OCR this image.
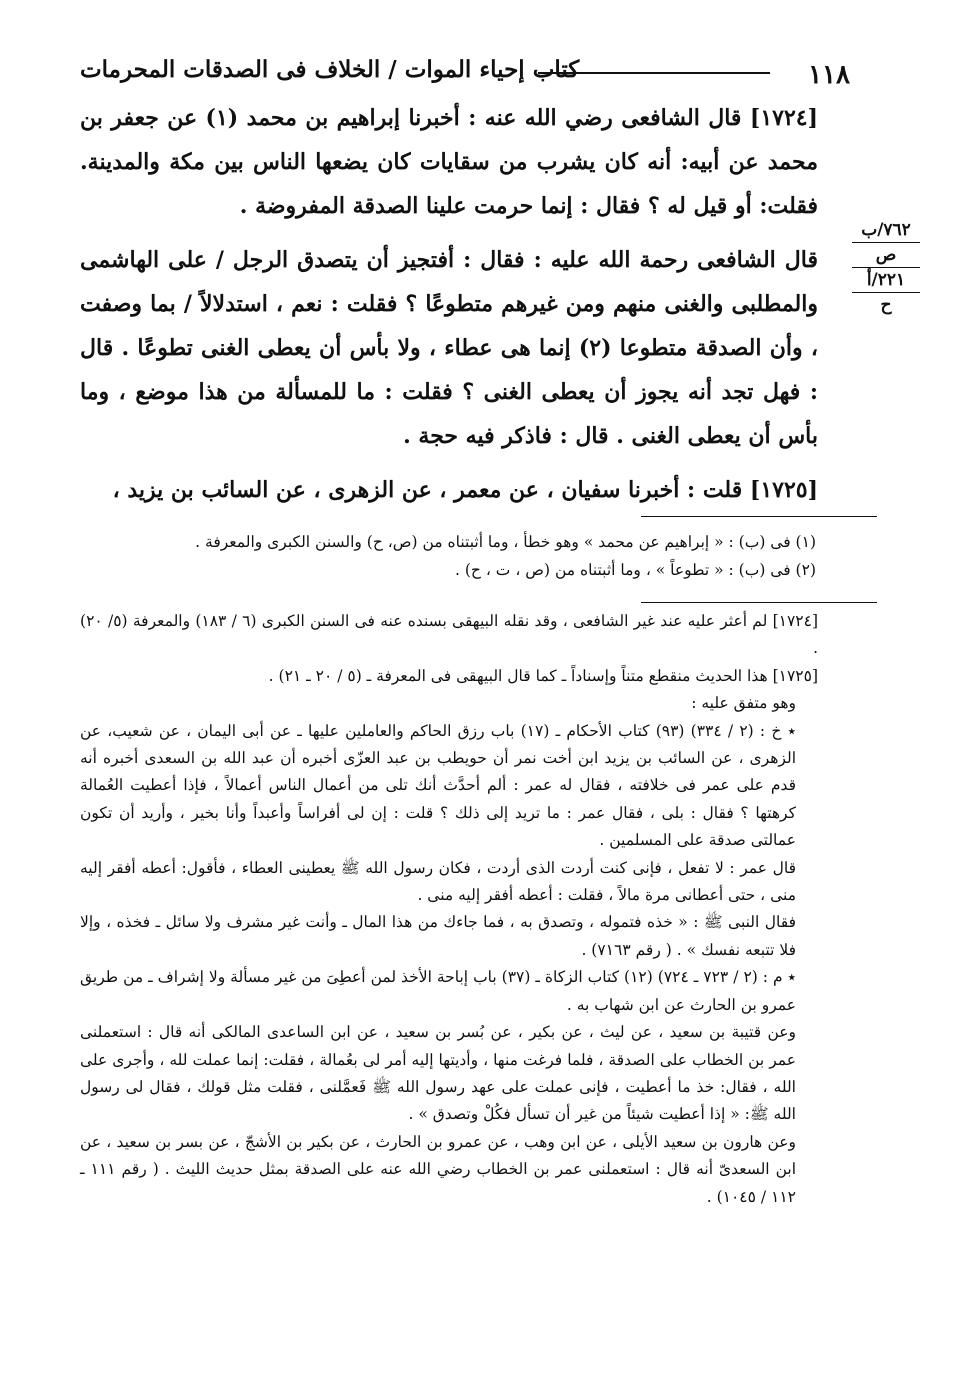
١١٨
كتاب إحياء الموات / الخلاف فى الصدقات المحرمات

[١٧٢٤] قال الشافعى رضي الله عنه : أخبرنا إبراهيم بن محمد (١) عن جعفر بن محمد عن أبيه: أنه كان يشرب من سقايات كان يضعها الناس بين مكة والمدينة. فقلت: أو قيل له ؟ فقال : إنما حرمت علينا الصدقة المفروضة .

قال الشافعى رحمة الله عليه : فقال : أفتجيز أن يتصدق الرجل / على الهاشمى والمطلبى والغنى منهم ومن غيرهم متطوعًا ؟ فقلت : نعم ، استدلالاً / بما وصفت ، وأن الصدقة متطوعا (٢) إنما هى عطاء ، ولا بأس أن يعطى الغنى تطوعًا . قال : فهل تجد أنه يجوز أن يعطى الغنى ؟ فقلت : ما للمسألة من هذا موضع ، وما بأس أن يعطى الغنى . قال : فاذكر فيه حجة .

[١٧٢٥] قلت : أخبرنا سفيان ، عن معمر ، عن الزهرى ، عن السائب بن يزيد ،

٧٦٢/ب
ص
٢٢١/أ
ح

(١) فى (ب) : « إبراهيم عن محمد » وهو خطأ ، وما أثبتناه من (ص، ح) والسنن الكبرى والمعرفة .

(٢) فى (ب) : « تطوعاً » ، وما أثبتناه من (ص ، ت ، ح) .

[١٧٢٤] لم أعثر عليه عند غير الشافعى ، وقد نقله البيهقى بسنده عنه فى السنن الكبرى (٦ / ١٨٣) والمعرفة (٥/ ٢٠) .

[١٧٢٥] هذا الحديث منقطع متناً وإسناداً ـ كما قال البيهقى فى المعرفة ـ (٥ / ٢٠ ـ ٢١) .

وهو متفق عليه :

٭ خ : (٢ / ٣٣٤) (٩٣) كتاب الأحكام ـ (١٧) باب رزق الحاكم والعاملين عليها ـ عن أبى اليمان ، عن شعيب، عن الزهرى ، عن السائب بن يزيد ابن أخت نمر أن حويطب بن عبد العزّى أخبره أن عبد الله بن السعدى أخبره أنه قدم على عمر فى خلافته ، فقال له عمر : ألم أحدَّث أنك تلى من أعمال الناس أعمالاً ، فإذا أعطيت العُمالة كرهتها ؟ فقال : بلى ، فقال عمر : ما تريد إلى ذلك ؟ قلت : إن لى أفراساً وأعبداً وأنا بخير ، وأريد أن تكون عمالتى صدقة على المسلمين .

قال عمر : لا تفعل ، فإنى كنت أردت الذى أردت ، فكان رسول الله ﷺ يعطينى العطاء ، فأقول: أعطه أفقر إليه منى ، حتى أعطانى مرة مالاً ، فقلت : أعطه أفقر إليه منى .

فقال النبى ﷺ : « خذه فتموله ، وتصدق به ، فما جاءك من هذا المال ـ وأنت غير مشرف ولا سائل ـ فخذه ، وإلا فلا تتبعه نفسك » . ( رقم ٧١٦٣) .

٭ م : (٢ / ٧٢٣ ـ ٧٢٤) (١٢) كتاب الزكاة ـ (٣٧) باب إباحة الأخذ لمن أعطِىَ من غير مسألة ولا إشراف ـ من طريق عمرو بن الحارث عن ابن شهاب به .

وعن قتيبة بن سعيد ، عن ليث ، عن بكير ، عن بُسر بن سعيد ، عن ابن الساعدى المالكى أنه قال : استعملنى عمر بن الخطاب على الصدقة ، فلما فرغت منها ، وأديتها إليه أمر لى بعُمالة ، فقلت: إنما عملت لله ، وأجرى على الله ، فقال: خذ ما أعطيت ، فإنى عملت على عهد رسول الله ﷺ فَعمَّلنى ، فقلت مثل قولك ، فقال لى رسول الله ﷺ: « إذا أعطيت شيئاً من غير أن تسأل فكُلْ وتصدق » .

وعن هارون بن سعيد الأيلى ، عن ابن وهب ، عن عمرو بن الحارث ، عن بكير بن الأشجّ ، عن بسر بن سعيد ، عن ابن السعدىّ أنه قال : استعملنى عمر بن الخطاب رضي الله عنه على الصدقة بمثل حديث الليث . ( رقم ١١١ ـ ١١٢ / ١٠٤٥) .
